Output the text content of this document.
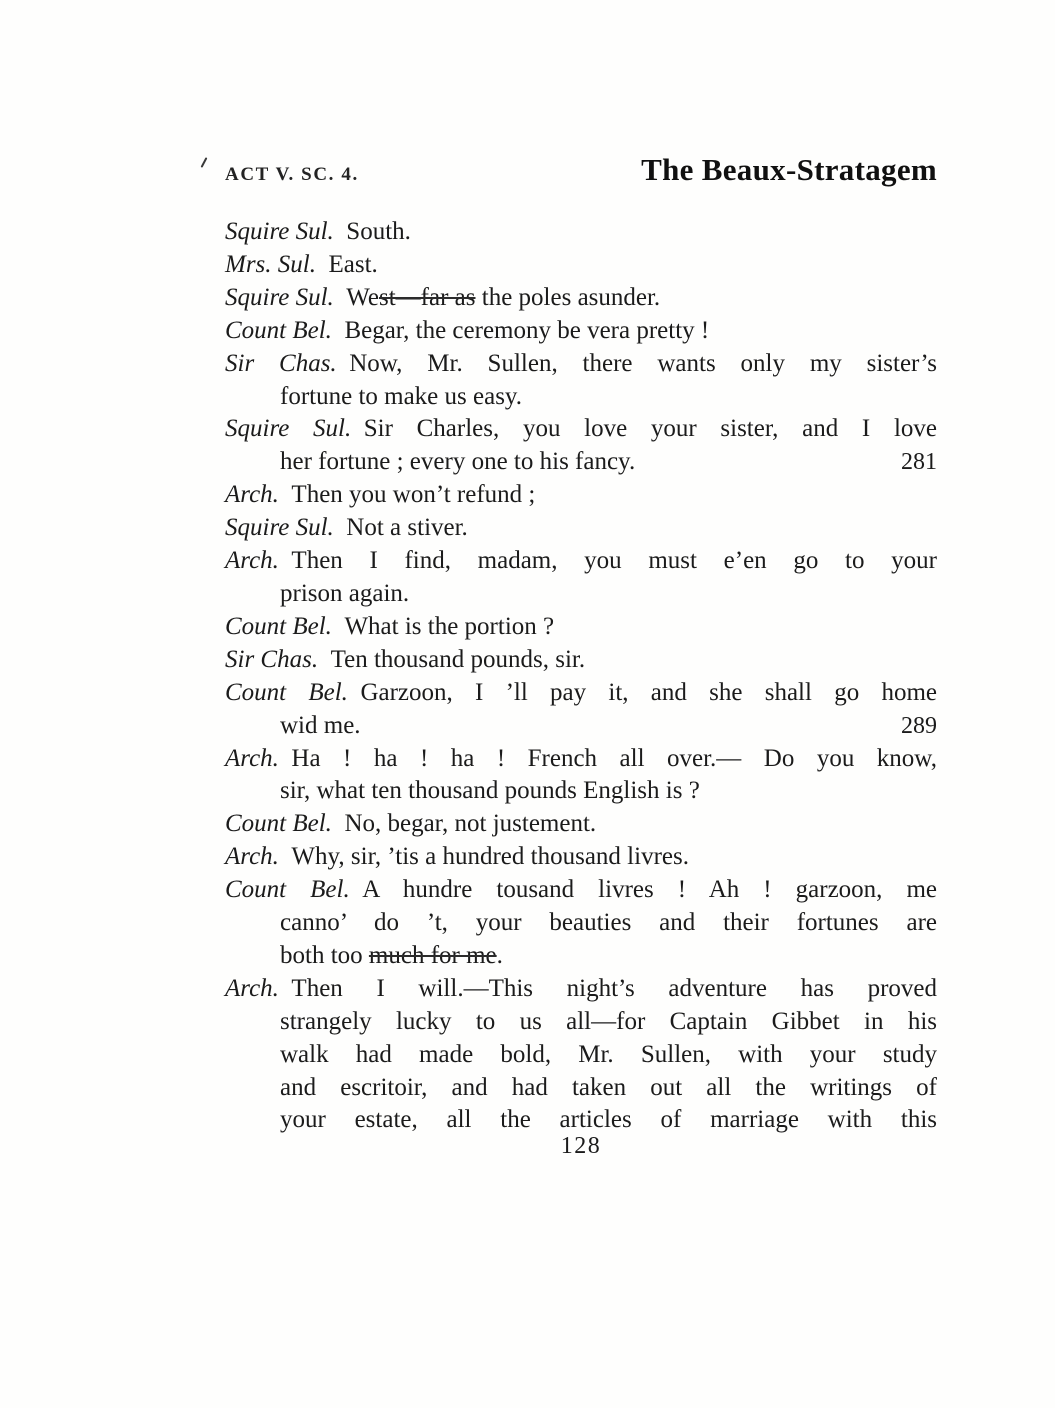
ACT V. SC. 4.	The Beaux-Stratagem
Squire Sul.  South.
Mrs. Sul.  East.
Squire Sul.  West—far as the poles asunder.
Count Bel.  Begar, the ceremony be vera pretty !
Sir Chas.  Now, Mr. Sullen, there wants only my sister’s
fortune to make us easy.
Squire Sul.  Sir Charles, you love your sister, and I love
her fortune ; every one to his fancy.	281
Arch.  Then you won’t refund ;
Squire Sul.  Not a stiver.
Arch.  Then I find, madam, you must e’en go to your
prison again.
Count Bel.  What is the portion ?
Sir Chas.  Ten thousand pounds, sir.
Count Bel.  Garzoon, I ’ll pay it, and she shall go home
wid me.	289
Arch.  Ha ! ha ! ha ! French all over.— Do you know,
sir, what ten thousand pounds English is ?
Count Bel.  No, begar, not justement.
Arch.  Why, sir, ’tis a hundred thousand livres.
Count Bel.  A hundre tousand livres ! Ah ! garzoon, me
canno’ do ’t, your beauties and their fortunes are
both too much for me.
Arch.  Then I will.—This night’s adventure has proved
strangely lucky to us all—for Captain Gibbet in his
walk had made bold, Mr. Sullen, with your study
and escritoir, and had taken out all the writings of
your estate, all the articles of marriage with this
128
